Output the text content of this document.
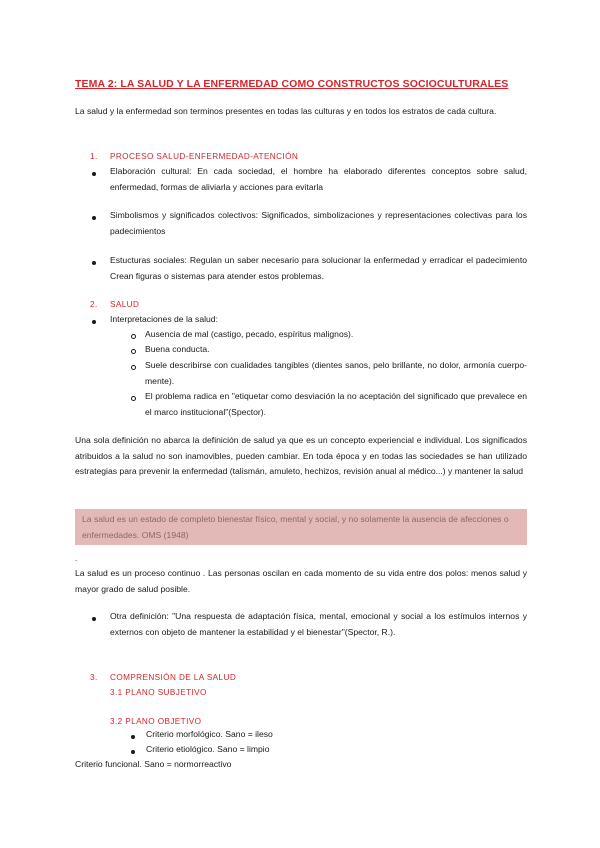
TEMA 2: LA SALUD Y LA ENFERMEDAD COMO CONSTRUCTOS SOCIOCULTURALES
La salud y la enfermedad son terminos presentes en todas las culturas y en todos los estratos de cada cultura.
1. PROCESO SALUD-ENFERMEDAD-ATENCIÓN
Elaboración cultural: En cada sociedad, el hombre ha elaborado diferentes conceptos sobre salud, enfermedad, formas de aliviarla y acciones para evitarla
Simbolismos y significados colectivos: Significados, simbolizaciones y representaciones colectivas para los padecimientos
Estucturas sociales: Regulan un saber necesario para solucionar la enfermedad y erradicar el padecimiento Crean figuras o sistemas para atender estos problemas.
2. SALUD
Interpretaciones de la salud:
Ausencia de mal (castigo, pecado, espíritus malignos).
Buena conducta.
Suele describirse con cualidades tangibles (dientes sanos, pelo brillante, no dolor, armonía cuerpo-mente).
El problema radica en "etiquetar como desviación la no aceptación del significado que prevalece en el marco institucional"(Spector).
Una sola definición no abarca la definición de salud ya que es un concepto experiencial e individual. Los significados atribuidos a la salud no son inamovibles, pueden cambiar. En toda época y en todas las sociedades se han utilizado estrategias para prevenir la enfermedad (talismán, amuleto, hechizos, revisión anual al médico...) y mantener la salud
La salud es un estado de completo bienestar físico, mental y social, y no solamente la ausencia de afecciones o enfermedades. OMS (1948)
.
La salud es un proceso continuo . Las personas oscilan en cada momento de su vida entre dos polos: menos salud y mayor grado de salud posible.
Otra definición: "Una respuesta de adaptación física, mental, emocional y social a los estímulos internos y externos con objeto de mantener la estabilidad y el bienestar"(Spector, R.).
3. COMPRENSIÓN DE LA SALUD
3.1 PLANO SUBJETIVO
3.2 PLANO OBJETIVO
Criterio morfológico. Sano = ileso
Criterio etiológico. Sano = limpio
Criterio funcional. Sano = normorreactivo
